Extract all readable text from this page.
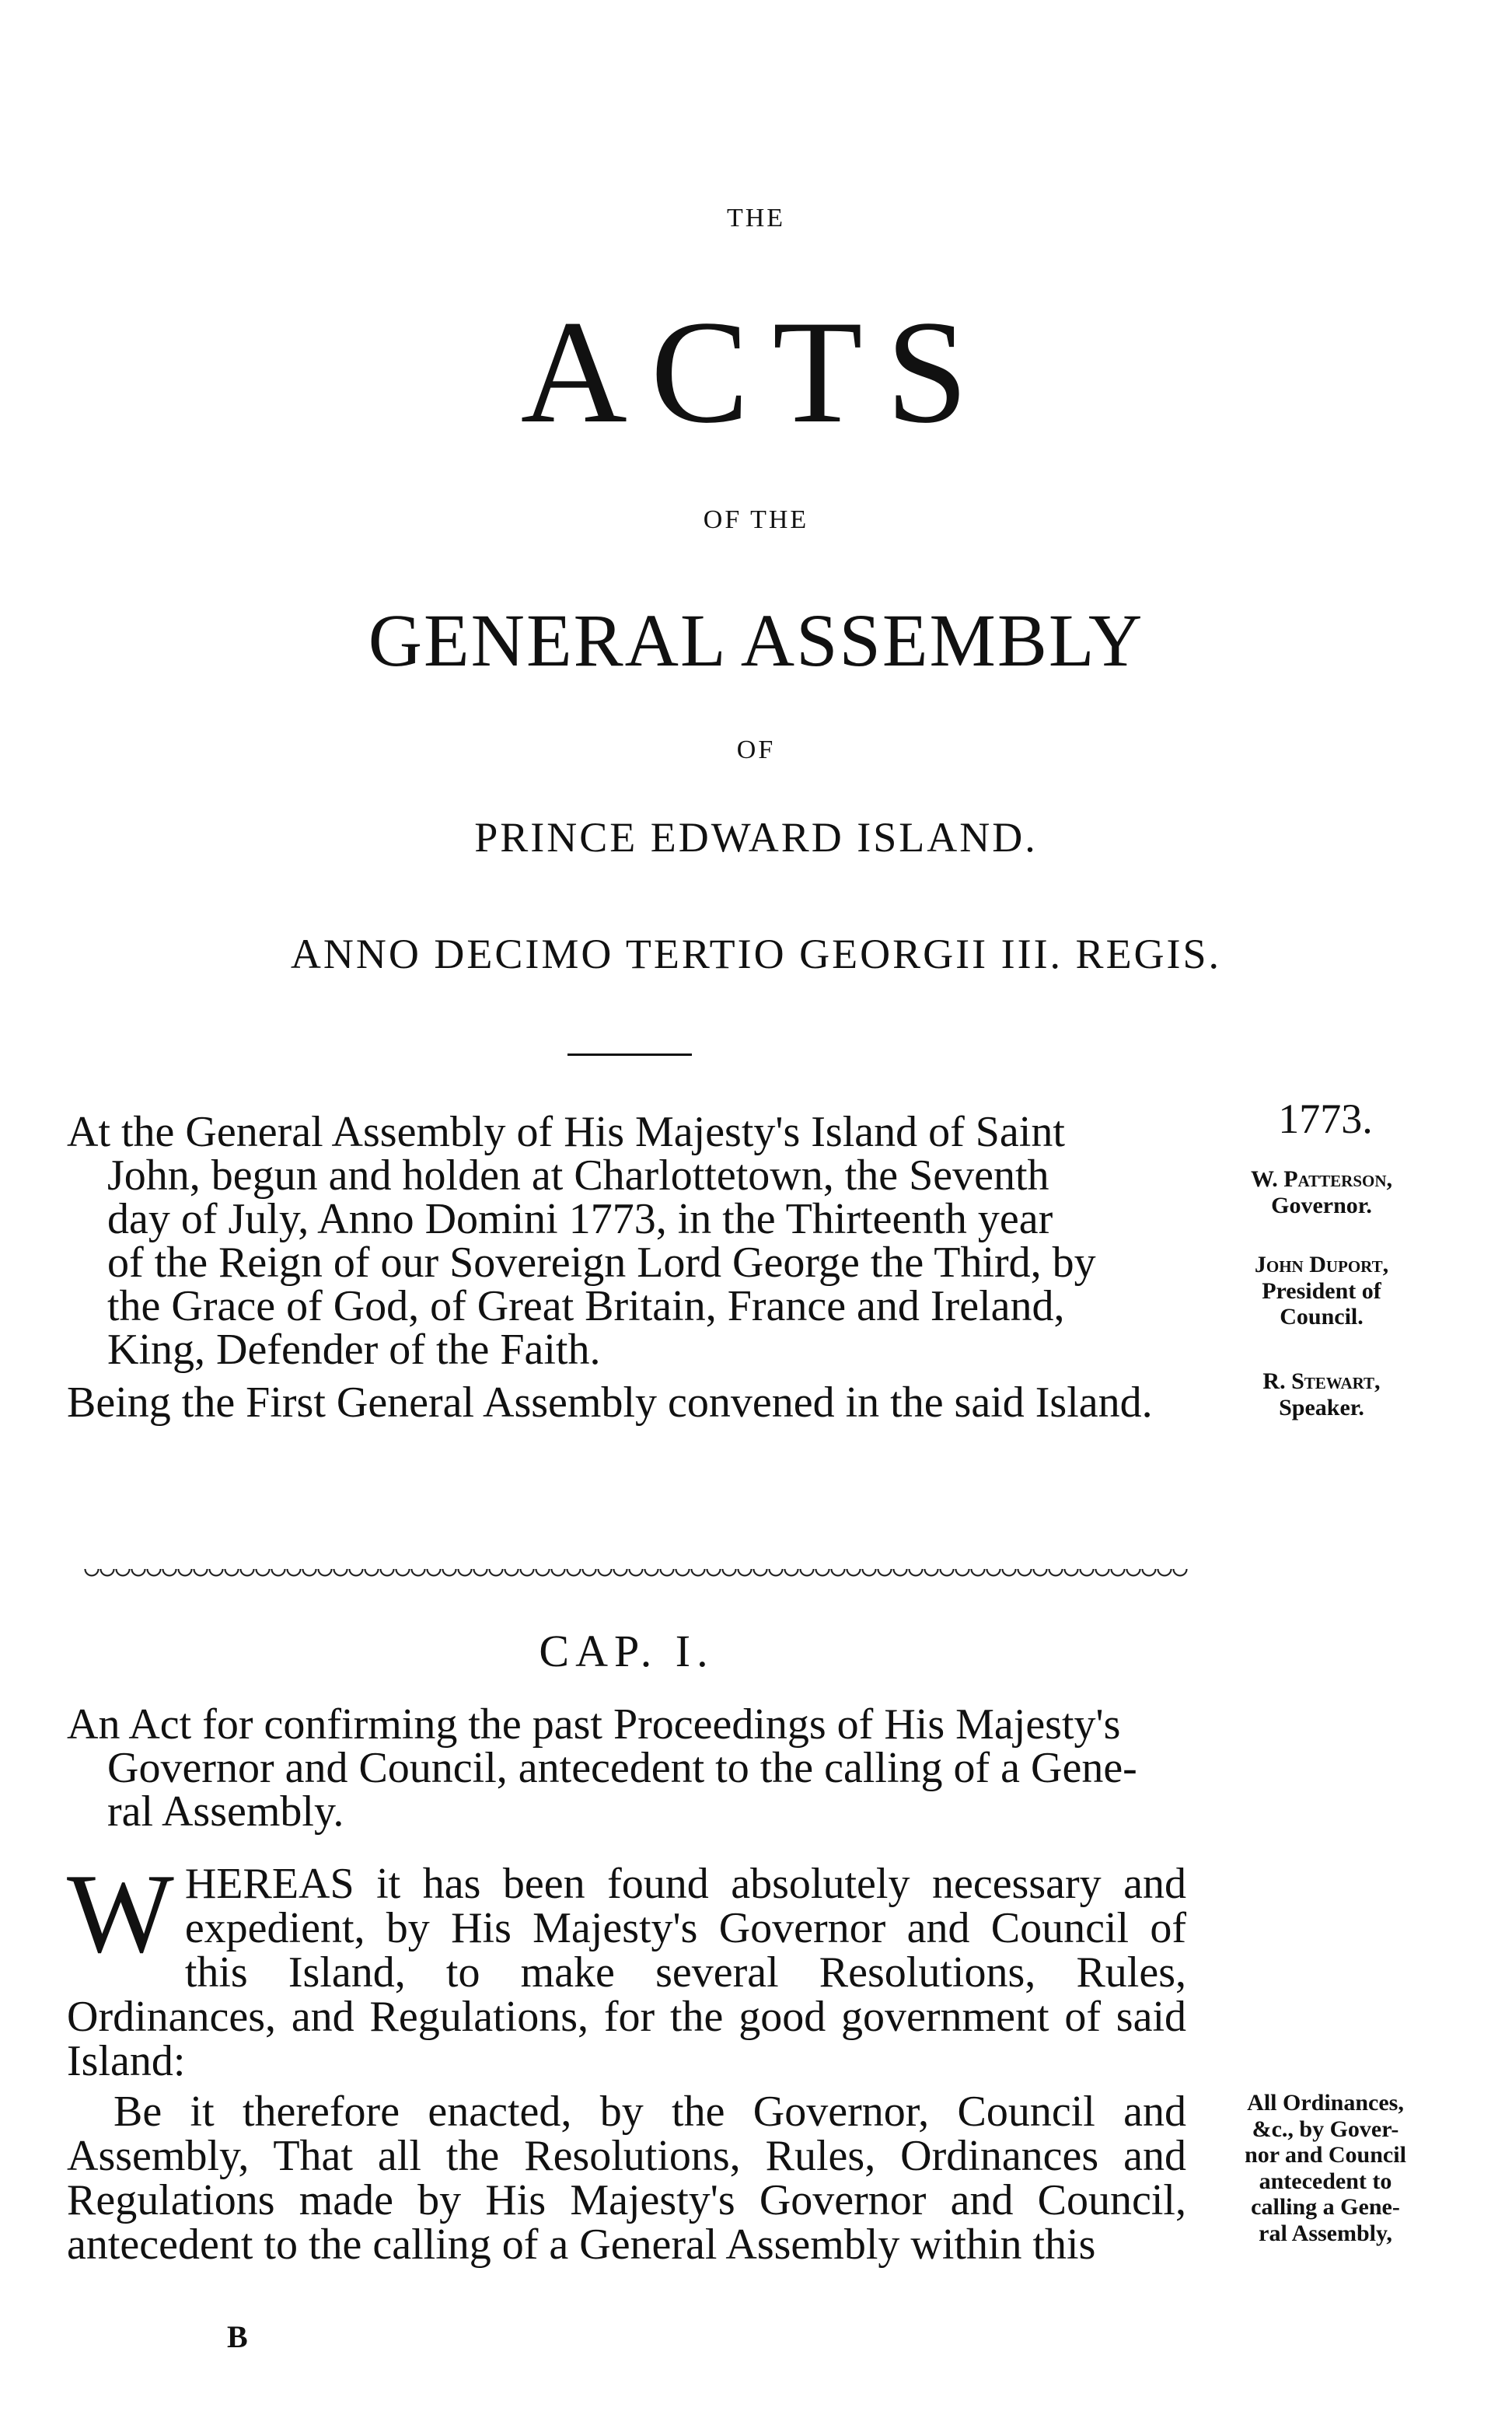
THE
ACTS
OF THE
GENERAL ASSEMBLY
OF
PRINCE EDWARD ISLAND.
ANNO DECIMO TERTIO GEORGII III. REGIS.
At the General Assembly of His Majesty's Island of Saint
John, begun and holden at Charlottetown, the Seventh
day of July, Anno Domini 1773, in the Thirteenth year
of the Reign of our Sovereign Lord George the Third, by
the Grace of God, of Great Britain, France and Ireland,
King, Defender of the Faith.
Being the First General Assembly convened in the said Island.
1773.
W. Patterson,
Governor.
John Duport,
President of
Council.
R. Stewart,
Speaker.
CAP. I.
An Act for confirming the past Proceedings of His Majesty's
Governor and Council, antecedent to the calling of a Gene-
ral Assembly.
W HEREAS it has been found absolutely necessary and expedient, by His Majesty's Governor and Council of this Island, to make several Resolutions, Rules, Ordinances, and Regulations, for the good government of said Island:
Be it therefore enacted, by the Governor, Council and Assembly, That all the Resolutions, Rules, Ordinances and Regulations made by His Majesty's Governor and Council, antecedent to the calling of a General Assembly within this
All Ordinances,
&c., by Gover-
nor and Council
antecedent to
calling a Gene-
ral Assembly,
B
